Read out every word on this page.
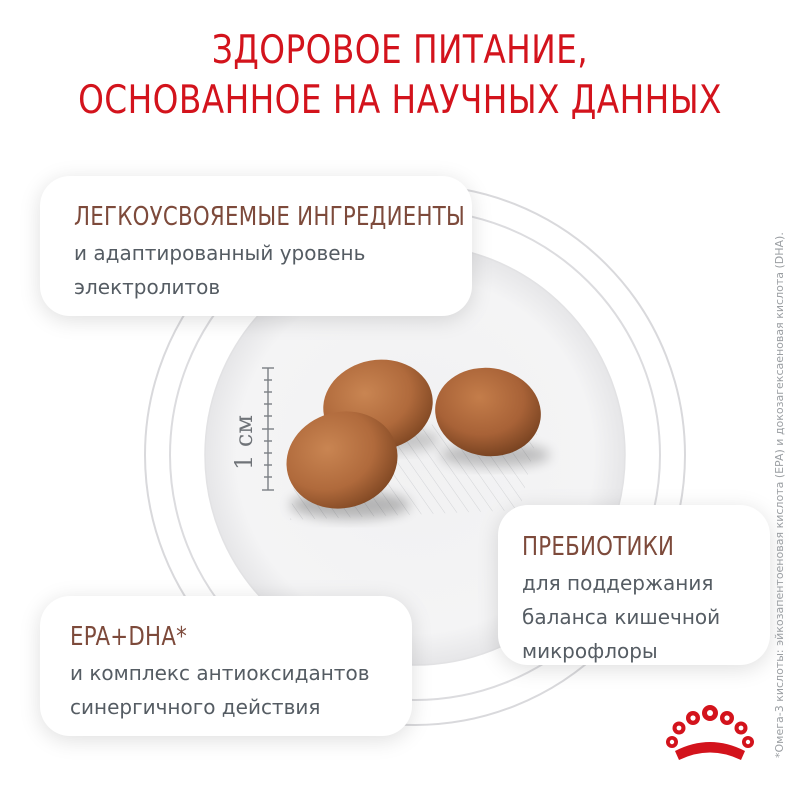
1 см
ЗДОРОВОЕ ПИТАНИЕ,
ОСНОВАННОЕ НА НАУЧНЫХ ДАННЫХ
ЛЕГКОУСВОЯЕМЫЕ ИНГРЕДИЕНТЫ
и адаптированный уровень
электролитов
ПРЕБИОТИКИ
для поддержания
баланса кишечной
микрофлоры
EPA+DHA*
и комплекс антиоксидантов
синергичного действия	*Омега-3 кислоты: эйкозапентоеновая кислота (EPA) и докозагексаеновая кислота (DHA).
